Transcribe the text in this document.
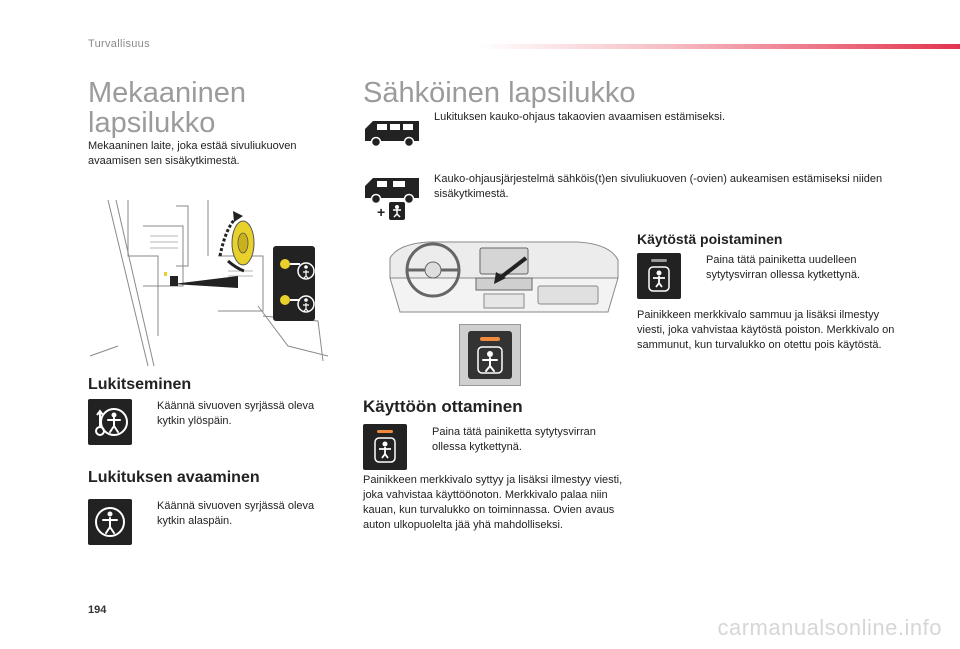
Turvallisuus
Mekaaninen
lapsilukko
Mekaaninen laite, joka estää sivuliukuoven avaamisen sen sisäkytkimestä.
Lukitseminen
Käännä sivuoven syrjässä oleva kytkin ylöspäin.
Lukituksen avaaminen
Käännä sivuoven syrjässä oleva kytkin alaspäin.
Sähköinen lapsilukko
Lukituksen kauko-ohjaus takaovien avaamisen estämiseksi.
+
Kauko-ohjausjärjestelmä sähköis(t)en sivuliukuoven (-ovien) aukeamisen estämiseksi niiden sisäkytkimestä.
Käyttöön ottaminen
Paina tätä painiketta sytytysvirran ollessa kytkettynä.
Painikkeen merkkivalo syttyy ja lisäksi ilmestyy viesti, joka vahvistaa käyttöönoton. Merkkivalo palaa niin kauan, kun turvalukko on toiminnassa. Ovien avaus auton ulkopuolelta jää yhä mahdolliseksi.
Käytöstä poistaminen
Paina tätä painiketta uudelleen sytytysvirran ollessa kytkettynä.
Painikkeen merkkivalo sammuu ja lisäksi ilmestyy viesti, joka vahvistaa käytöstä poiston. Merkkivalo on sammunut, kun turvalukko on otettu pois käytöstä.
194
carmanualsonline.info
